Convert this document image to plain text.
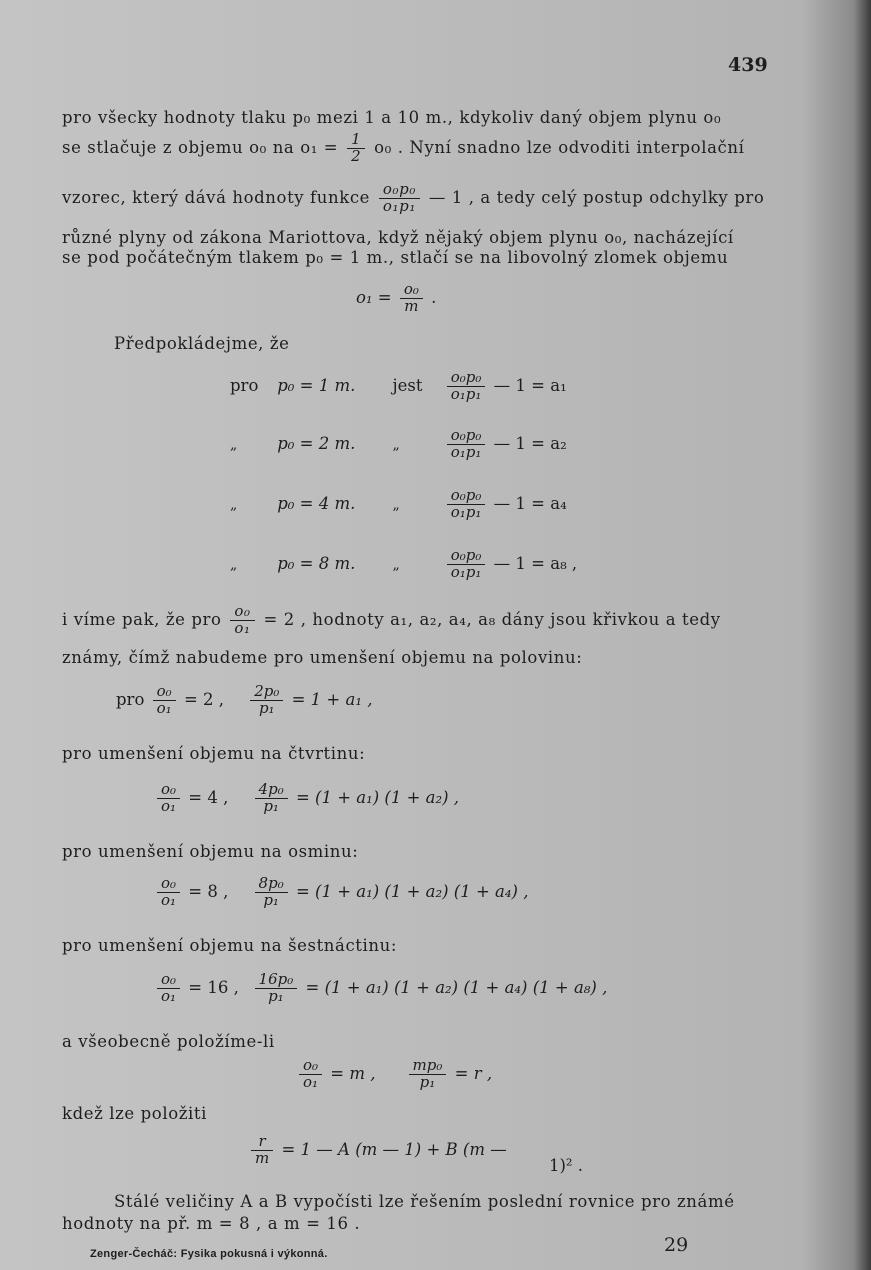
439
pro všecky hodnoty tlaku p₀ mezi 1 a 10 m., kdykoliv daný objem plynu o₀
se stlačuje z objemu o₀ na $o_1 = \frac{1}{2} o_0$ . Nyní snadno lze odvoditi interpolační
vzorec, který dává hodnoty funkce $\frac{\text{o₀p₀}}{\text{o₁p₁}}$ — 1 , a tedy celý postup odchylky pro
různé plyny od zákona Mariottova, když nějaký objem plynu o₀, nacházející
se pod počátečným tlakem p₀ = 1 m., stlačí se na libovolný zlomek objemu
$o_1 = \frac{\text{o₀}}{m}$ .
Předpokládejme, že
pro p₀ = 1 m. jest $\frac{\text{o₀p₀}}{\text{o₁p₁}}$ — 1 = a₁
„ p₀ = 2 m.	„	$\frac{\text{o₀p₀}}{\text{o₁p₁}}$ — 1 = a₂
„ p₀ = 4 m.	„	$\frac{\text{o₀p₀}}{\text{o₁p₁}}$ — 1 = a₄
„ p₀ = 8 m.	„	$\frac{\text{o₀p₀}}{\text{o₁p₁}}$ — 1 = a₈ ,
i víme pak, že pro $\frac{\text{o₀}}{\text{o₁}} = 2$ , hodnoty a₁, a₂, a₄, a₈ dány jsou křivkou a tedy
známy, čímž nabudeme pro umenšení objemu na polovinu:
pro $\frac{\text{o₀}}{\text{o₁}} = 2$ , $\frac{\text{2p₀}}{\text{p₁}} = 1 + a_1$ ,
pro umenšení objemu na čtvrtinu:
$\frac{\text{o₀}}{\text{o₁}} = 4$ , $\frac{\text{4p₀}}{\text{p₁}} = (1 + a_1) (1 + a_2)$ ,
pro umenšení objemu na osminu:
$\frac{\text{o₀}}{\text{o₁}} = 8$ , $\frac{\text{8p₀}}{\text{p₁}} = (1 + a_1) (1 + a_2) (1 + a_4)$ ,
pro umenšení objemu na šestnáctinu:
$\frac{\text{o₀}}{\text{o₁}} = 16$ , $\frac{\text{16p₀}}{\text{p₁}} = (1 + a_1) (1 + a_2) (1 + a_4) (1 + a_8)$ ,
a všeobecně položíme-li
$\frac{\text{o₀}}{\text{o₁}} = m$ , $\frac{\text{mp₀}}{\text{p₁}} = r$ ,
kdež lze položiti
$\frac{r}{m} = 1$ — A (m — 1) + B (m —
1)² .
Stálé veličiny A a B vypočísti lze řešením poslední rovnice pro známé
hodnoty na př. m = 8 , a m = 16 .
Zenger-Čecháč: Fysika pokusná i výkonná.	29
